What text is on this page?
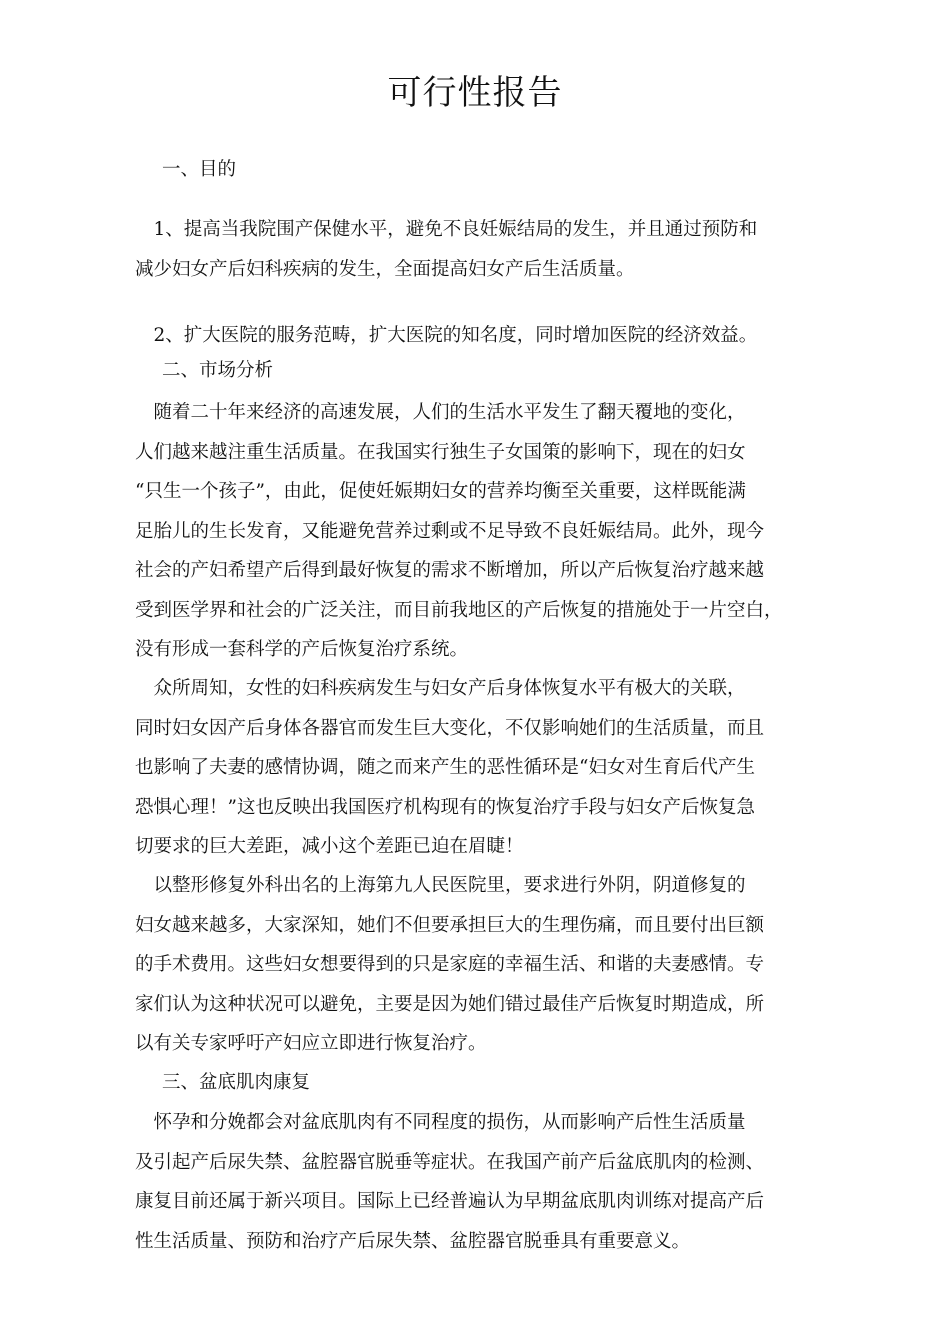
可行性报告
一、目的
　1、提高当我院围产保健水平，避免不良妊娠结局的发生，并且通过预防和
减少妇女产后妇科疾病的发生，全面提高妇女产后生活质量。
　2、扩大医院的服务范畴，扩大医院的知名度，同时增加医院的经济效益。
二、市场分析
　随着二十年来经济的高速发展，人们的生活水平发生了翻天覆地的变化，
人们越来越注重生活质量。在我国实行独生子女国策的影响下，现在的妇女
“只生一个孩子”，由此，促使妊娠期妇女的营养均衡至关重要，这样既能满
足胎儿的生长发育，又能避免营养过剩或不足导致不良妊娠结局。此外，现今
社会的产妇希望产后得到最好恢复的需求不断增加，所以产后恢复治疗越来越
受到医学界和社会的广泛关注，而目前我地区的产后恢复的措施处于一片空白，
没有形成一套科学的产后恢复治疗系统。
　众所周知，女性的妇科疾病发生与妇女产后身体恢复水平有极大的关联，
同时妇女因产后身体各器官而发生巨大变化，不仅影响她们的生活质量，而且
也影响了夫妻的感情协调，随之而来产生的恶性循环是“妇女对生育后代产生
恐惧心理！”这也反映出我国医疗机构现有的恢复治疗手段与妇女产后恢复急
切要求的巨大差距，减小这个差距已迫在眉睫！
　以整形修复外科出名的上海第九人民医院里，要求进行外阴，阴道修复的
妇女越来越多，大家深知，她们不但要承担巨大的生理伤痛，而且要付出巨额
的手术费用。这些妇女想要得到的只是家庭的幸福生活、和谐的夫妻感情。专
家们认为这种状况可以避免，主要是因为她们错过最佳产后恢复时期造成，所
以有关专家呼吁产妇应立即进行恢复治疗。
三、盆底肌肉康复
　怀孕和分娩都会对盆底肌肉有不同程度的损伤，从而影响产后性生活质量
及引起产后尿失禁、盆腔器官脱垂等症状。在我国产前产后盆底肌肉的检测、
康复目前还属于新兴项目。国际上已经普遍认为早期盆底肌肉训练对提高产后
性生活质量、预防和治疗产后尿失禁、盆腔器官脱垂具有重要意义。
